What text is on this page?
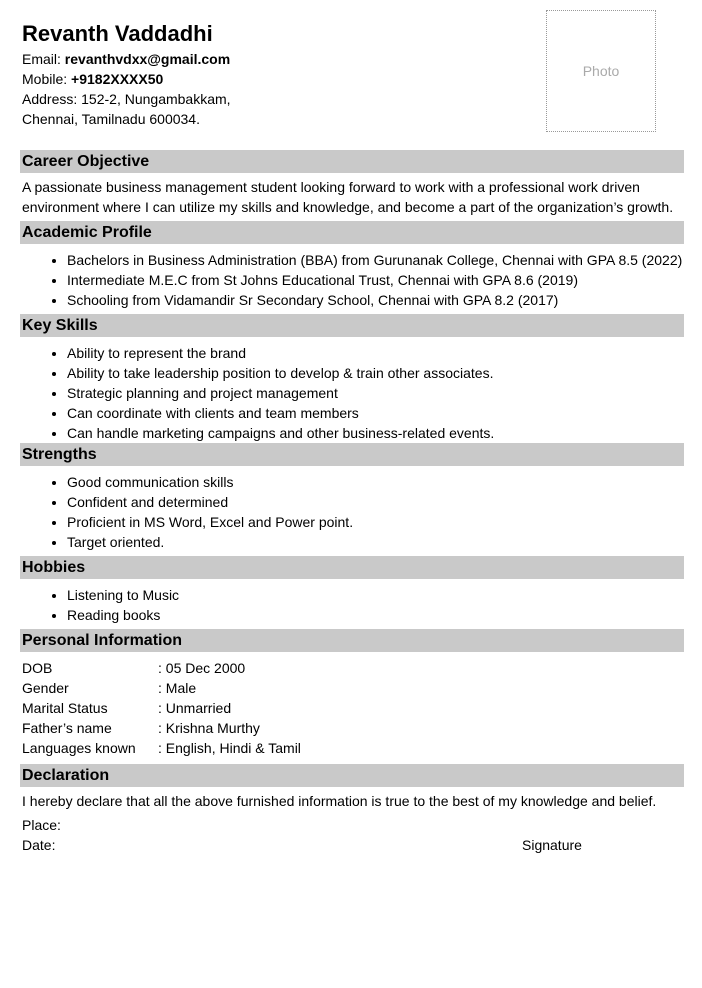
Revanth Vaddadhi
Email: revanthvdxx@gmail.com
Mobile: +9182XXXX50
Address: 152-2, Nungambakkam,
Chennai, Tamilnadu 600034.
Photo
Career Objective
A passionate business management student looking forward to work with a professional work driven environment where I can utilize my skills and knowledge, and become a part of the organization’s growth.
Academic Profile
• Bachelors in Business Administration (BBA) from Gurunanak College, Chennai with GPA 8.5 (2022)
• Intermediate M.E.C from St Johns Educational Trust, Chennai with GPA 8.6 (2019)
• Schooling from Vidamandir Sr Secondary School, Chennai with GPA 8.2 (2017)
Key Skills
• Ability to represent the brand
• Ability to take leadership position to develop & train other associates.
• Strategic planning and project management
• Can coordinate with clients and team members
• Can handle marketing campaigns and other business-related events.
Strengths
• Good communication skills
• Confident and determined
• Proficient in MS Word, Excel and Power point.
• Target oriented.
Hobbies
• Listening to Music
• Reading books
Personal Information
DOB	: 05 Dec 2000
Gender	: Male
Marital Status	: Unmarried
Father’s name	: Krishna Murthy
Languages known	: English, Hindi & Tamil
Declaration
I hereby declare that all the above furnished information is true to the best of my knowledge and belief.
Place:
Date:	Signature
